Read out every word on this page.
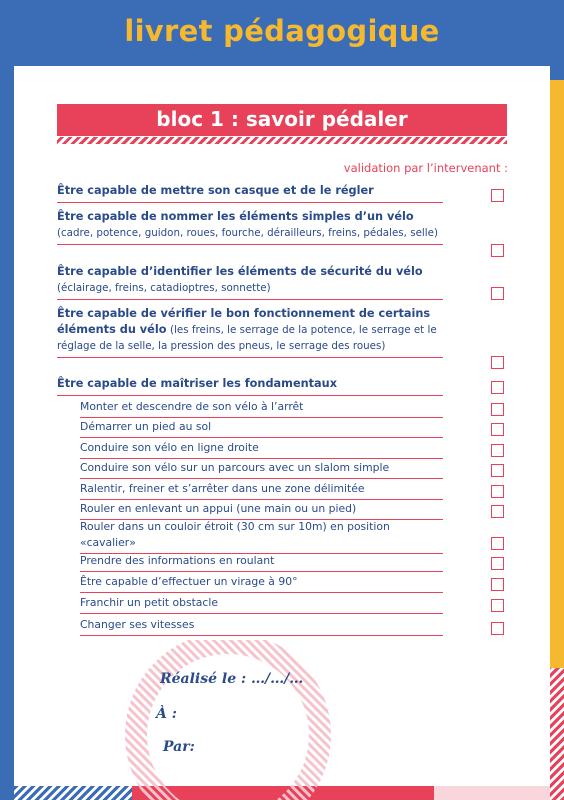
livret pédagogique
bloc 1 : savoir pédaler
validation par l’intervenant :
Être capable de mettre son casque et de le régler
Être capable de nommer les éléments simples d’un vélo (cadre, potence, guidon, roues, fourche, dérailleurs, freins, pédales, selle)
Être capable d’identifier les éléments de sécurité du vélo (éclairage, freins, catadioptres, sonnette)
Être capable de vérifier le bon fonctionnement de certains éléments du vélo (les freins, le serrage de la potence, le serrage et le réglage de la selle, la pression des pneus, le serrage des roues)
Être capable de maîtriser les fondamentaux
Monter et descendre de son vélo à l’arrêt
Démarrer un pied au sol
Conduire son vélo en ligne droite
Conduire son vélo sur un parcours avec un slalom simple
Ralentir, freiner et s’arrêter dans une zone délimitée
Rouler en enlevant un appui (une main ou un pied)
Rouler dans un couloir étroit (30 cm sur 10m) en position «cavalier»
Prendre des informations en roulant
Être capable d’effectuer un virage à 90°
Franchir un petit obstacle
Changer ses vitesses
Réalisé le : …/…/…
À :
Par:
